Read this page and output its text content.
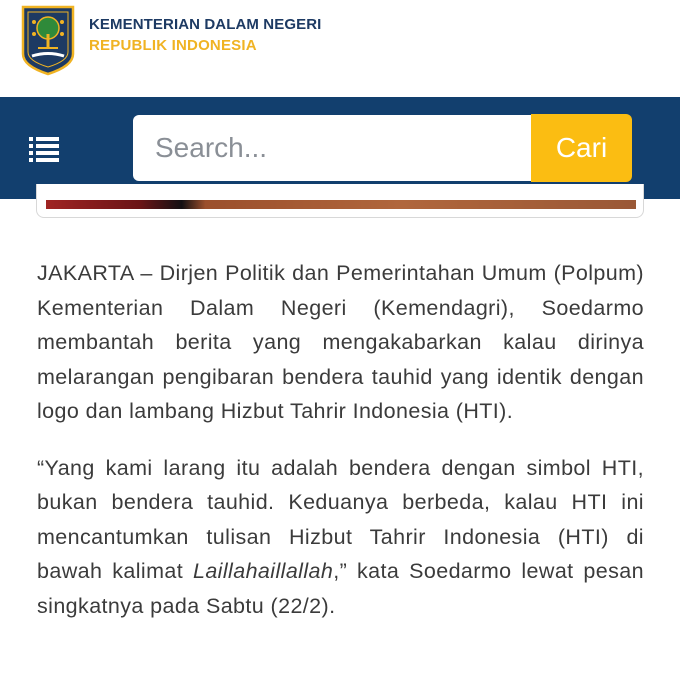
KEMENTERIAN DALAM NEGERI
REPUBLIK INDONESIA
Search...
Cari

JAKARTA – Dirjen Politik dan Pemerintahan Umum (Polpum) Kementerian Dalam Negeri (Kemendagri), Soedarmo membantah berita yang mengakabarkan kalau dirinya melarangan pengibaran bendera tauhid yang identik dengan logo dan lambang Hizbut Tahrir Indonesia (HTI).

“Yang kami larang itu adalah bendera dengan simbol HTI, bukan bendera tauhid. Keduanya berbeda, kalau HTI ini mencantumkan tulisan Hizbut Tahrir Indonesia (HTI) di bawah kalimat Laillahaillallah,” kata Soedarmo lewat pesan singkatnya pada Sabtu (22/2).
